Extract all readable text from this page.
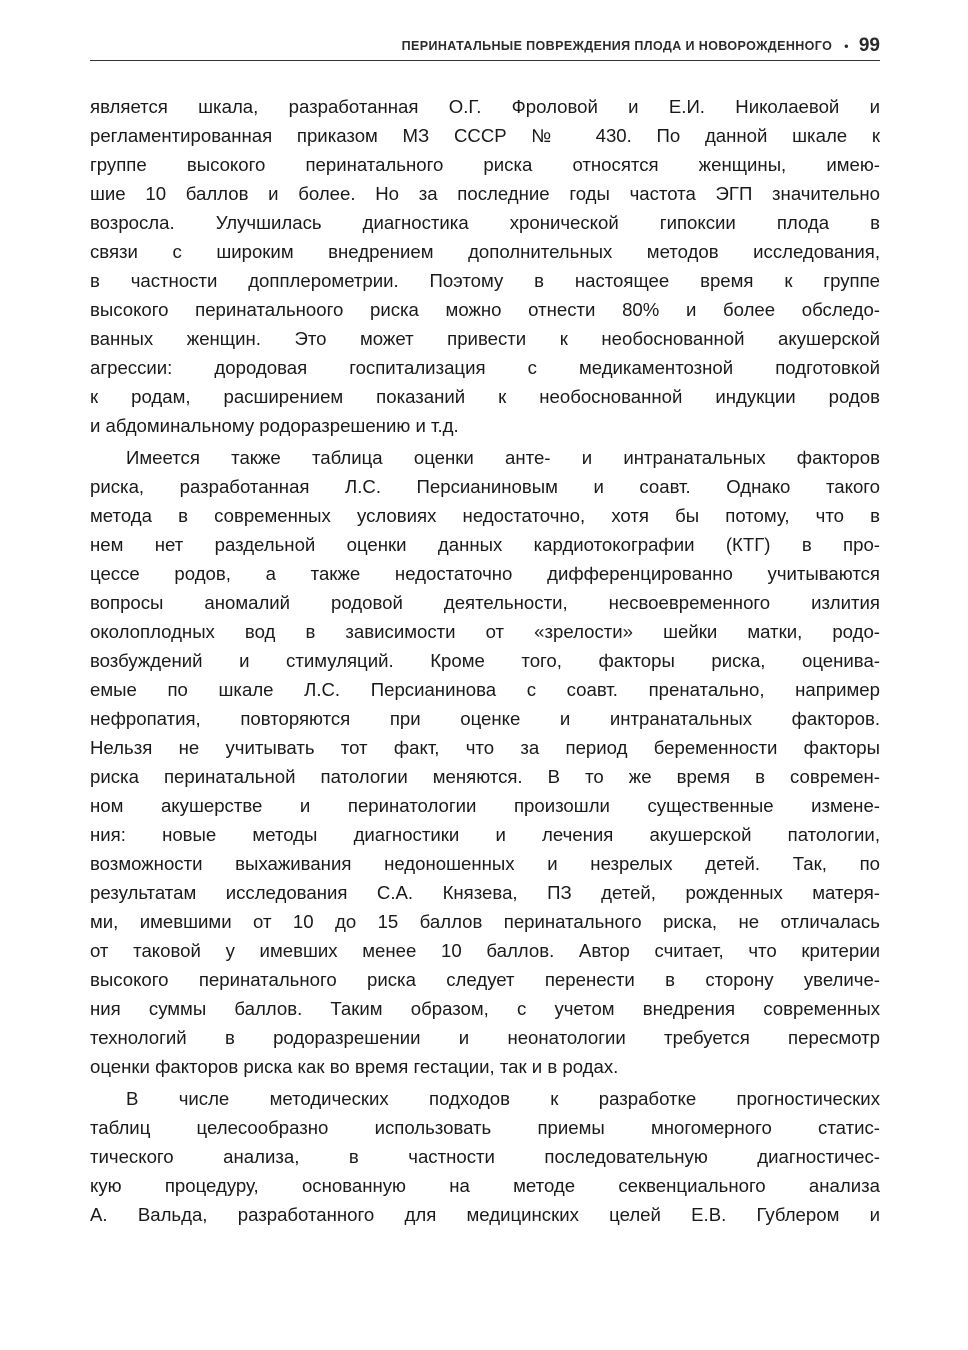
ПЕРИНАТАЛЬНЫЕ ПОВРЕЖДЕНИЯ ПЛОДА И НОВОРОЖДЕННОГО • 99
является шкала, разработанная О.Г. Фроловой и Е.И. Николаевой и
регламентированная приказом МЗ СССР № 430. По данной шкале к
группе высокого перинатального риска относятся женщины, имею-
шие 10 баллов и более. Но за последние годы частота ЭГП значительно
возросла. Улучшилась диагностика хронической гипоксии плода в
связи с широким внедрением дополнительных методов исследования,
в частности допплерометрии. Поэтому в настоящее время к группе
высокого перинатальноого риска можно отнести 80% и более обследо-
ванных женщин. Это может привести к необоснованной акушерской
агрессии: дородовая госпитализация с медикаментозной подготовкой
к родам, расширением показаний к необоснованной индукции родов
и абдоминальному родоразрешению и т.д.
Имеется также таблица оценки анте- и интранатальных факторов
риска, разработанная Л.С. Персианиновым и соавт. Однако такого
метода в современных условиях недостаточно, хотя бы потому, что в
нем нет раздельной оценки данных кардиотокографии (КТГ) в про-
цессе родов, а также недостаточно дифференцированно учитываются
вопросы аномалий родовой деятельности, несвоевременного излития
околоплодных вод в зависимости от «зрелости» шейки матки, родо-
возбуждений и стимуляций. Кроме того, факторы риска, оценива-
емые по шкале Л.С. Персианинова с соавт. пренатально, например
нефропатия, повторяются при оценке и интранатальных факторов.
Нельзя не учитывать тот факт, что за период беременности факторы
риска перинатальной патологии меняются. В то же время в современ-
ном акушерстве и перинатологии произошли существенные измене-
ния: новые методы диагностики и лечения акушерской патологии,
возможности выхаживания недоношенных и незрелых детей. Так, по
результатам исследования С.А. Князева, ПЗ детей, рожденных матеря-
ми, имевшими от 10 до 15 баллов перинатального риска, не отличалась
от таковой у имевших менее 10 баллов. Автор считает, что критерии
высокого перинатального риска следует перенести в сторону увеличе-
ния суммы баллов. Таким образом, с учетом внедрения современных
технологий в родоразрешении и неонатологии требуется пересмотр
оценки факторов риска как во время гестации, так и в родах.
В числе методических подходов к разработке прогностических
таблиц целесообразно использовать приемы многомерного статис-
тического анализа, в частности последовательную диагностичес-
кую процедуру, основанную на методе секвенциального анализа
А. Вальда, разработанного для медицинских целей Е.В. Гублером и
